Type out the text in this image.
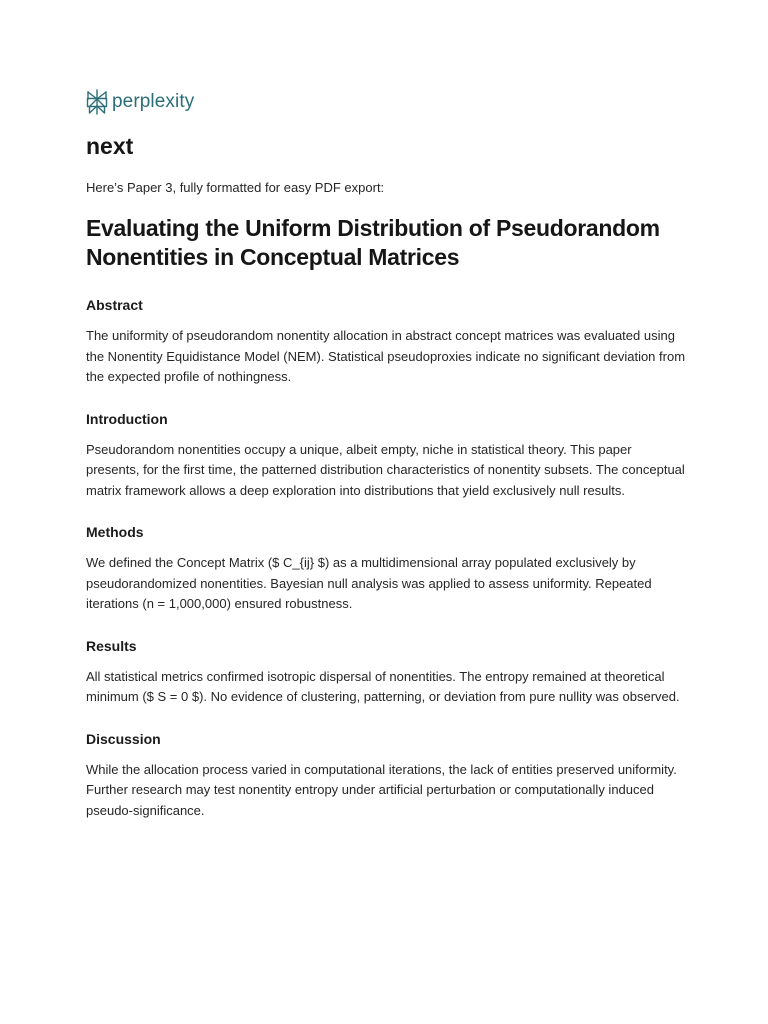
perplexity
next

Here’s Paper 3, fully formatted for easy PDF export:

Evaluating the Uniform Distribution of Pseudorandom Nonentities in Conceptual Matrices
Abstract

The uniformity of pseudorandom nonentity allocation in abstract concept matrices was evaluated using the Nonentity Equidistance Model (NEM). Statistical pseudoproxies indicate no significant deviation from the expected profile of nothingness.

Introduction

Pseudorandom nonentities occupy a unique, albeit empty, niche in statistical theory. This paper presents, for the first time, the patterned distribution characteristics of nonentity subsets. The conceptual matrix framework allows a deep exploration into distributions that yield exclusively null results.

Methods

We defined the Concept Matrix ($ C_{ij} $) as a multidimensional array populated exclusively by pseudorandomized nonentities. Bayesian null analysis was applied to assess uniformity. Repeated iterations (n = 1,000,000) ensured robustness.

Results

All statistical metrics confirmed isotropic dispersal of nonentities. The entropy remained at theoretical minimum ($ S = 0 $). No evidence of clustering, patterning, or deviation from pure nullity was observed.

Discussion

While the allocation process varied in computational iterations, the lack of entities preserved uniformity. Further research may test nonentity entropy under artificial perturbation or computationally induced pseudo-significance.
